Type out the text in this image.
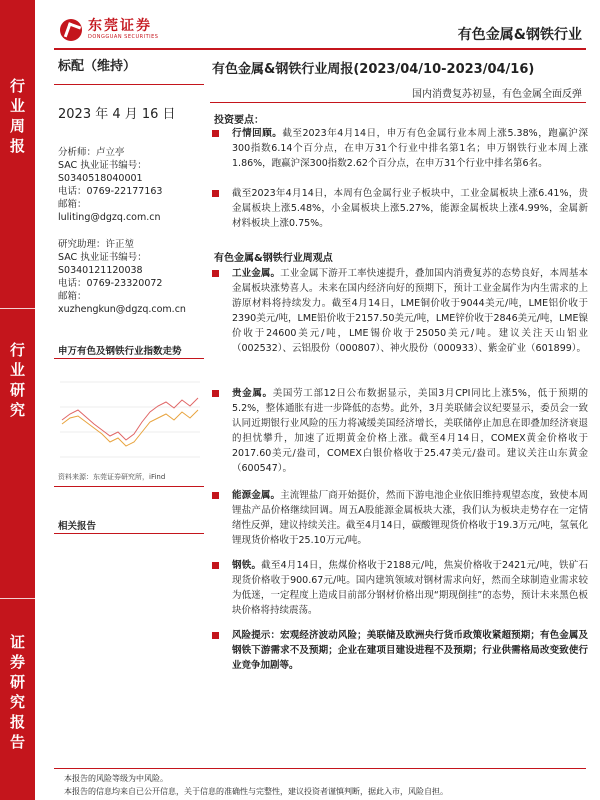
东莞证券
DONGGUAN SECURITIES	有色金属&钢铁行业
行
业
周
报
行
业
研
究
证
券
研
究
报
告
标配（维持）
2023 年 4 月 16 日
分析师：卢立亭
SAC 执业证书编号：
S0340518040001
电话：0769-22177163
邮箱：
luliting@dgzq.com.cn
研究助理：许正堃
SAC 执业证书编号：
S0340121120038
电话：0769-23320072
邮箱：
xuzhengkun@dgzq.com.cn
申万有色及钢铁行业指数走势
资料来源：东莞证券研究所，iFind
相关报告
有色金属&钢铁行业周报(2023/04/10-2023/04/16)
国内消费复苏初显，有色金属全面反弹
投资要点：
行情回顾。截至2023年4月14日，申万有色金属行业本周上涨5.38%，跑赢沪深300指数6.14个百分点，在申万31个行业中排名第1名；申万钢铁行业本周上涨1.86%，跑赢沪深300指数2.62个百分点，在申万31个行业中排名第6名。
截至2023年4月14日，本周有色金属行业子板块中，工业金属板块上涨6.41%，贵金属板块上涨5.48%，小金属板块上涨5.27%，能源金属板块上涨4.99%，金属新材料板块上涨0.75%。
有色金属&钢铁行业周观点
工业金属。工业金属下游开工率快速提升，叠加国内消费复苏的态势良好，本周基本金属板块涨势喜人。未来在国内经济向好的预期下，预计工业金属作为内生需求的上游原材料将持续发力。截至4月14日，LME铜价收于9044美元/吨，LME铝价收于2390美元/吨，LME铅价收于2157.50美元/吨，LME锌价收于2846美元/吨，LME镍价收于24600美元/吨，LME锡价收于25050美元/吨。建议关注天山铝业（002532）、云铝股份（000807）、神火股份（000933）、紫金矿业（601899）。
贵金属。美国劳工部12日公布数据显示，美国3月CPI同比上涨5%，低于预期的5.2%，整体通胀有进一步降低的态势。此外，3月美联储会议纪要显示，委员会一致认同近期银行业风险的压力将减缓美国经济增长，美联储停止加息在即叠加经济衰退的担忧攀升，加速了近期黄金价格上涨。截至4月14日，COMEX黄金价格收于2017.60美元/盎司，COMEX白银价格收于25.47美元/盎司。建议关注山东黄金（600547）。
能源金属。主流锂盐厂商开始挺价，然而下游电池企业依旧维持观望态度，致使本周锂盐产品价格继续回调。周五A股能源金属板块大涨，我们认为板块走势存在一定情绪性反弹，建议持续关注。截至4月14日，碳酸锂现货价格收于19.3万元/吨，氢氧化锂现货价格收于25.10万元/吨。
钢铁。截至4月14日，焦煤价格收于2188元/吨，焦炭价格收于2421元/吨，铁矿石现货价格收于900.67元/吨。国内建筑领域对钢材需求向好，然而全球制造业需求较为低迷，一定程度上造成目前部分钢材价格出现“期现倒挂”的态势，预计未来黑色板块价格将持续震荡。
风险提示：宏观经济波动风险；美联储及欧洲央行货币政策收紧超预期；有色金属及钢铁下游需求不及预期；企业在建项目建设进程不及预期；行业供需格局改变致使行业竞争加剧等。
本报告的风险等级为中风险。
本报告的信息均来自已公开信息，关于信息的准确性与完整性，建议投资者谨慎判断，据此入市，风险自担。
